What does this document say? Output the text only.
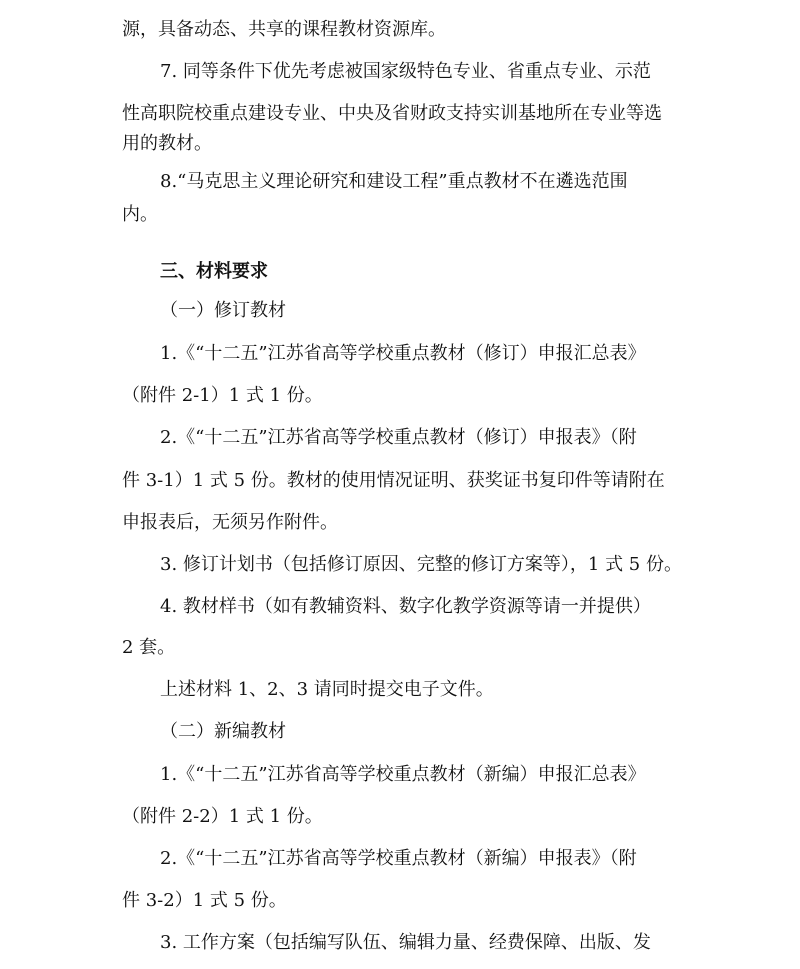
源，具备动态、共享的课程教材资源库。
7. 同等条件下优先考虑被国家级特色专业、省重点专业、示范
性高职院校重点建设专业、中央及省财政支持实训基地所在专业等选
用的教材。
8.“马克思主义理论研究和建设工程”重点教材不在遴选范围
内。
三、材料要求
（一）修订教材
1.《“十二五”江苏省高等学校重点教材（修订）申报汇总表》
（附件 2-1）1 式 1 份。
2.《“十二五”江苏省高等学校重点教材（修订）申报表》（附
件 3-1）1 式 5 份。教材的使用情况证明、获奖证书复印件等请附在
申报表后，无须另作附件。
3. 修订计划书（包括修订原因、完整的修订方案等），1 式 5 份。
4. 教材样书（如有教辅资料、数字化教学资源等请一并提供）
2 套。
上述材料 1、2、3 请同时提交电子文件。
（二）新编教材
1.《“十二五”江苏省高等学校重点教材（新编）申报汇总表》
（附件 2-2）1 式 1 份。
2.《“十二五”江苏省高等学校重点教材（新编）申报表》（附
件 3-2）1 式 5 份。
3. 工作方案（包括编写队伍、编辑力量、经费保障、出版、发
